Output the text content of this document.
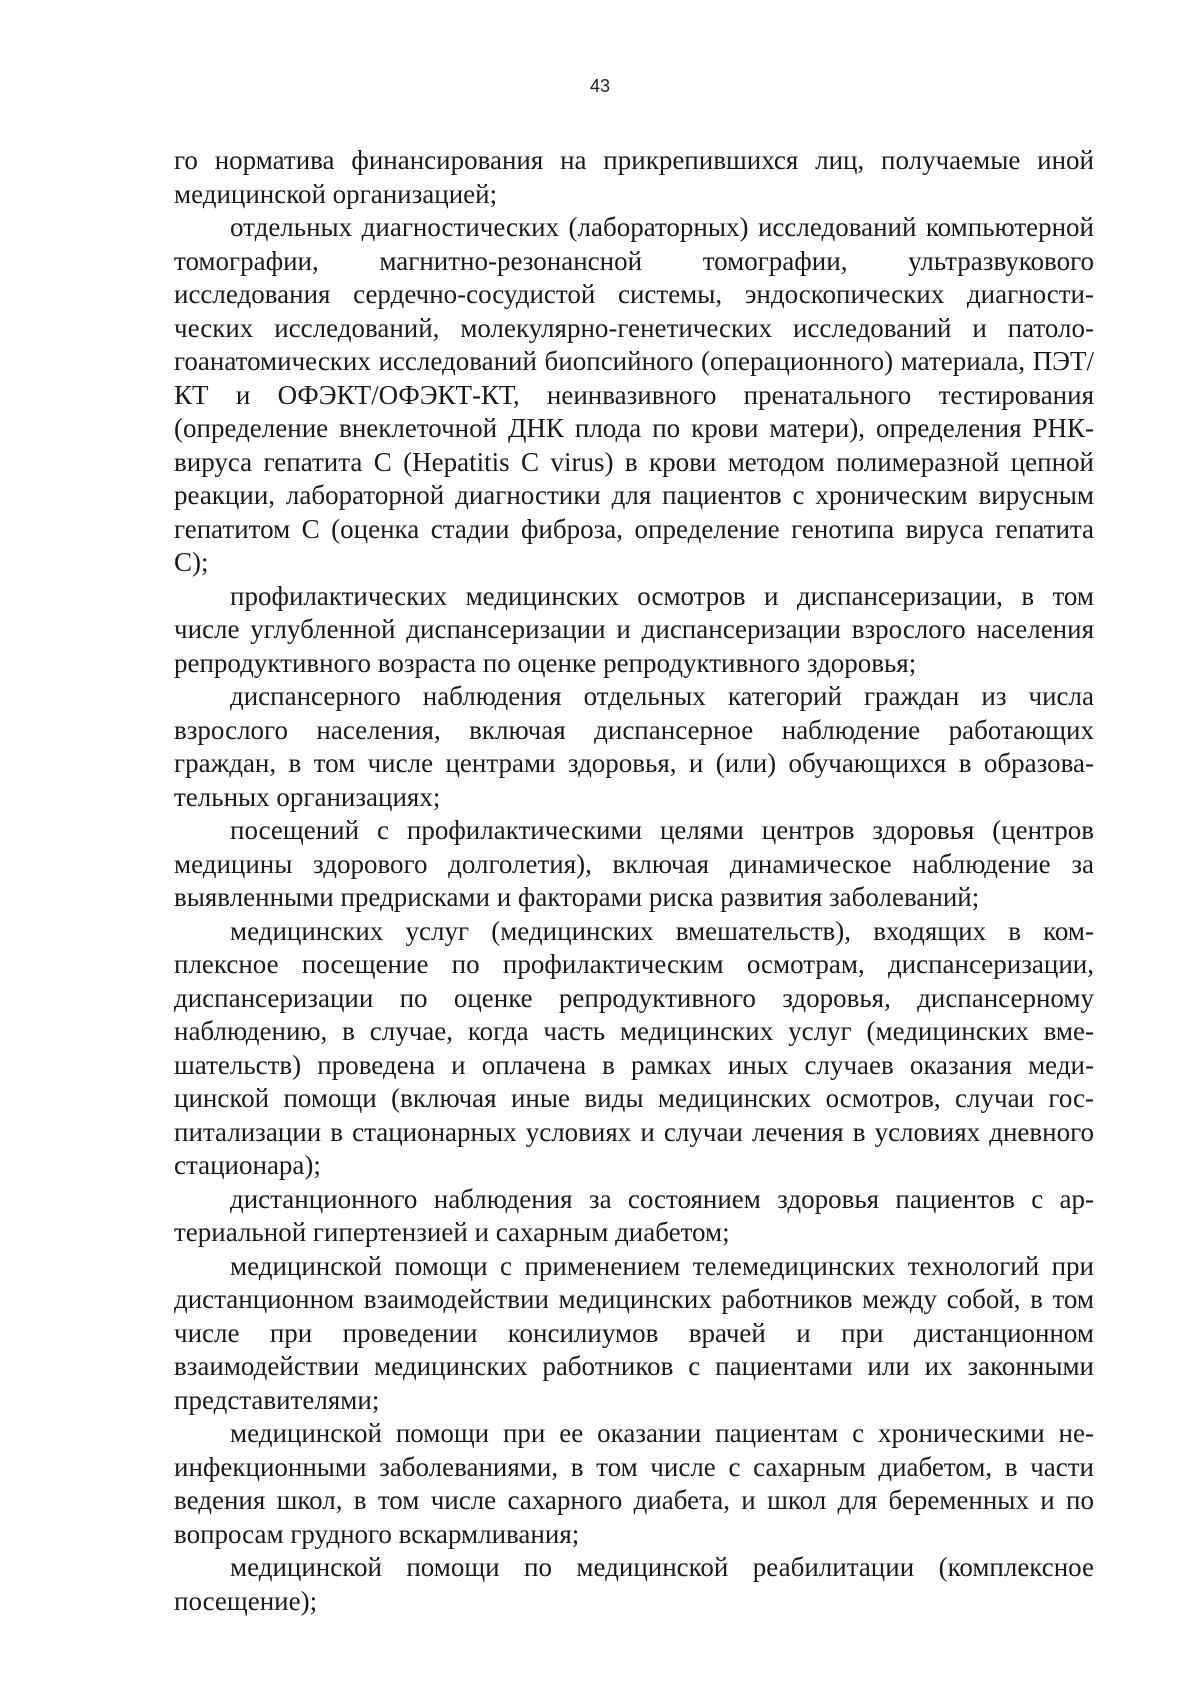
43

го норматива финансирования на прикрепившихся лиц, получаемые иной медицинской организацией;

отдельных диагностических (лабораторных) исследований компьютерной томографии, магнитно-резонансной томографии, ультразвукового исследования сердечно-сосудистой системы, эндоскопических диагностических исследований, молекулярно-генетических исследований и патологоанатомических исследований биопсийного (операционного) материала, ПЭТ/КТ и ОФЭКТ/ОФЭКТ-КТ, неинвазивного пренатального тестирования (определение внеклеточной ДНК плода по крови матери), определения РНК-вируса гепатита С (Hepatitis C virus) в крови методом полимеразной цепной реакции, лабораторной диагностики для пациентов с хроническим вирусным гепатитом С (оценка стадии фиброза, определение генотипа вируса гепатита С);

профилактических медицинских осмотров и диспансеризации, в том числе углубленной диспансеризации и диспансеризации взрослого населения репродуктивного возраста по оценке репродуктивного здоровья;

диспансерного наблюдения отдельных категорий граждан из числа взрослого населения, включая диспансерное наблюдение работающих граждан, в том числе центрами здоровья, и (или) обучающихся в образовательных организациях;

посещений с профилактическими целями центров здоровья (центров медицины здорового долголетия), включая динамическое наблюдение за выявленными предрисками и факторами риска развития заболеваний;

медицинских услуг (медицинских вмешательств), входящих в комплексное посещение по профилактическим осмотрам, диспансеризации, диспансеризации по оценке репродуктивного здоровья, диспансерному наблюдению, в случае, когда часть медицинских услуг (медицинских вмешательств) проведена и оплачена в рамках иных случаев оказания медицинской помощи (включая иные виды медицинских осмотров, случаи госпитализации в стационарных условиях и случаи лечения в условиях дневного стационара);

дистанционного наблюдения за состоянием здоровья пациентов с артериальной гипертензией и сахарным диабетом;

медицинской помощи с применением телемедицинских технологий при дистанционном взаимодействии медицинских работников между собой, в том числе при проведении консилиумов врачей и при дистанционном взаимодействии медицинских работников с пациентами или их законными представителями;

медицинской помощи при ее оказании пациентам с хроническими неинфекционными заболеваниями, в том числе с сахарным диабетом, в части ведения школ, в том числе сахарного диабета, и школ для беременных и по вопросам грудного вскармливания;

медицинской помощи по медицинской реабилитации (комплексное посещение);
